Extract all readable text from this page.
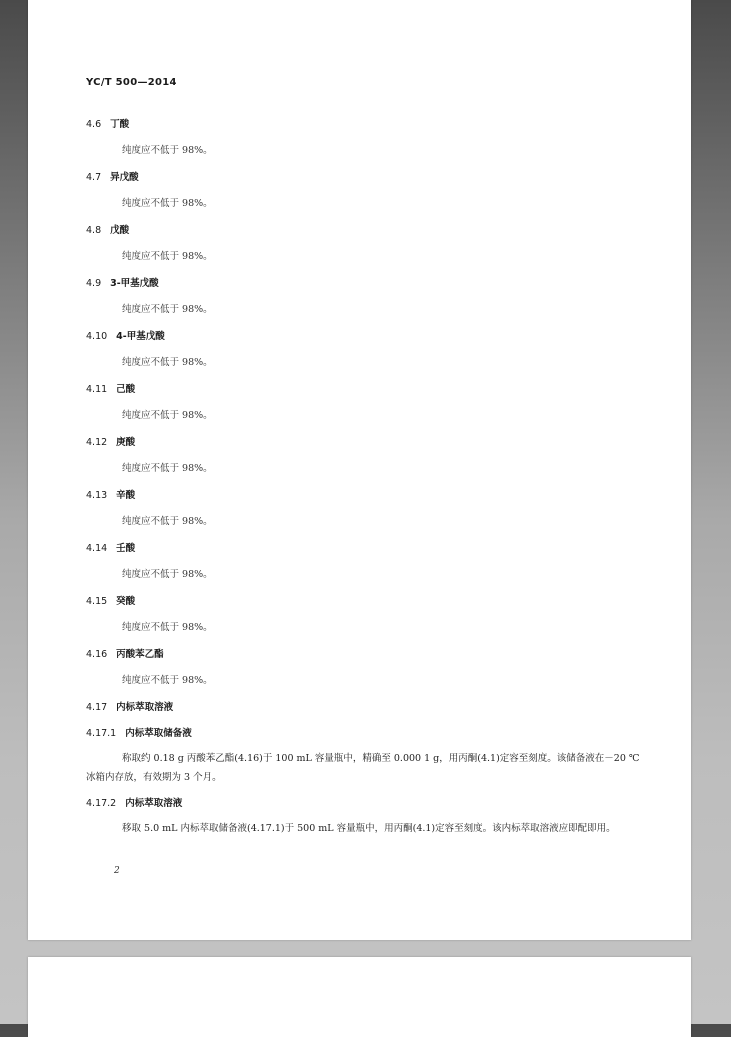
YC/T 500—2014
4.6 丁酸
纯度应不低于 98%。
4.7 异戊酸
纯度应不低于 98%。
4.8 戊酸
纯度应不低于 98%。
4.9 3-甲基戊酸
纯度应不低于 98%。
4.10 4-甲基戊酸
纯度应不低于 98%。
4.11 己酸
纯度应不低于 98%。
4.12 庚酸
纯度应不低于 98%。
4.13 辛酸
纯度应不低于 98%。
4.14 壬酸
纯度应不低于 98%。
4.15 癸酸
纯度应不低于 98%。
4.16 丙酸苯乙酯
纯度应不低于 98%。
4.17 内标萃取溶液
4.17.1 内标萃取储备液
称取约 0.18 g 丙酸苯乙酯(4.16)于 100 mL 容量瓶中，精确至 0.000 1 g，用丙酮(4.1)定容至刻度。该储备液在－20 ℃冰箱内存放，有效期为 3 个月。
4.17.2 内标萃取溶液
移取 5.0 mL 内标萃取储备液(4.17.1)于 500 mL 容量瓶中，用丙酮(4.1)定容至刻度。该内标萃取溶液应即配即用。
2
